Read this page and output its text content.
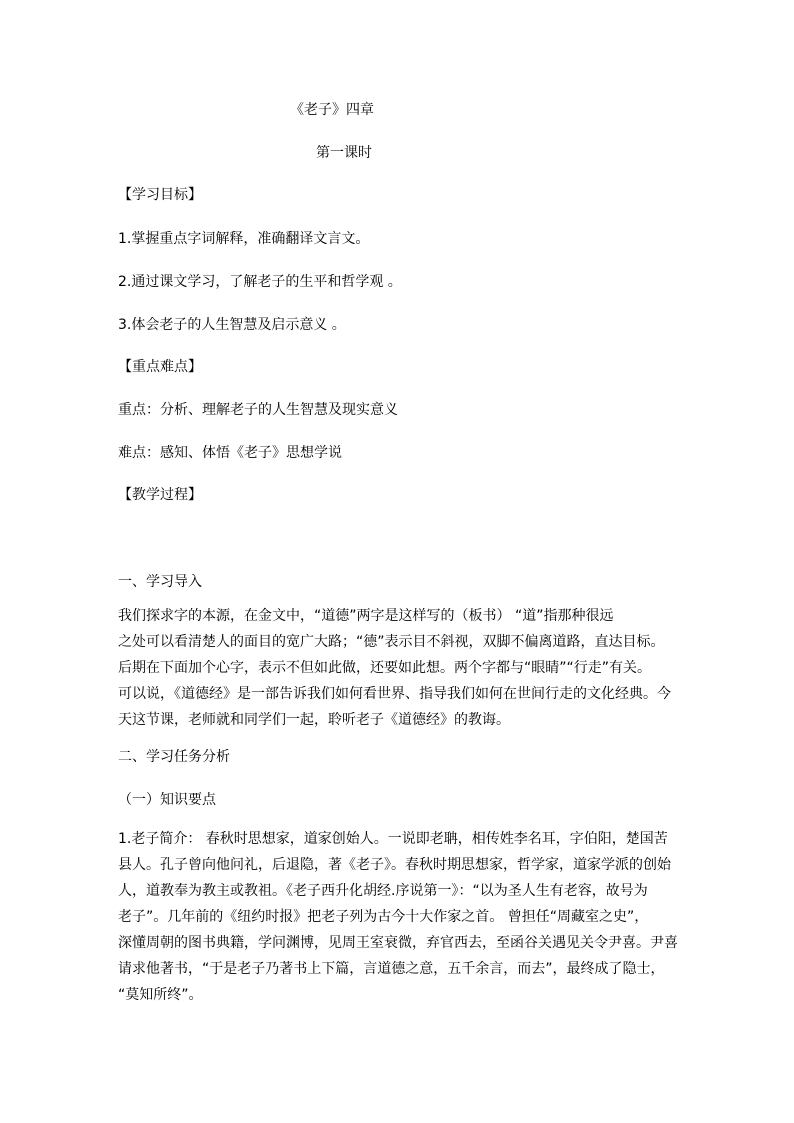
《老子》四章
第一课时
【学习目标】
1.掌握重点字词解释，准确翻译文言文。
2.通过课文学习，了解老子的生平和哲学观 。
3.体会老子的人生智慧及启示意义 。
【重点难点】
重点：分析、理解老子的人生智慧及现实意义
难点：感知、体悟《老子》思想学说
【教学过程】
一、学习导入
我们探求字的本源，在金文中，“道德”两字是这样写的（板书） “道”指那种很远
之处可以看清楚人的面目的宽广大路；“德”表示目不斜视，双脚不偏离道路，直达目标。
后期在下面加个心字，表示不但如此做，还要如此想。两个字都与“眼睛”“行走”有关。
可以说，《道德经》是一部告诉我们如何看世界、指导我们如何在世间行走的文化经典。今
天这节课，老师就和同学们一起，聆听老子《道德经》的教诲。
二、学习任务分析
（一）知识要点
1.老子简介： 春秋时思想家，道家创始人。一说即老聃，相传姓李名耳，字伯阳，楚国苦
县人。孔子曾向他问礼，后退隐，著《老子》。春秋时期思想家，哲学家，道家学派的创始
人，道教奉为教主或教祖。《老子西升化胡经.序说第一》：“以为圣人生有老容，故号为
老子”。几年前的《纽约时报》把老子列为古今十大作家之首。 曾担任“周藏室之史”，
深懂周朝的图书典籍，学问渊博，见周王室衰微，弃官西去，至函谷关遇见关令尹喜。尹喜
请求他著书，“于是老子乃著书上下篇，言道德之意，五千余言，而去”，最终成了隐士，
“莫知所终”。
